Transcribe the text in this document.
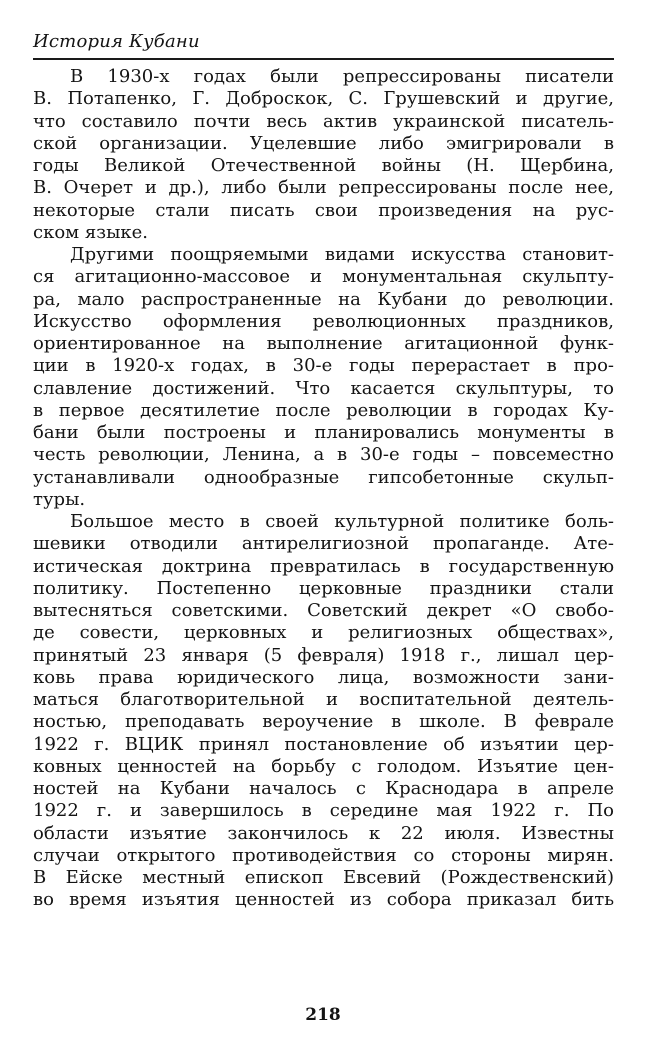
История Кубани

В 1930-х годах были репрессированы писатели
В. Потапенко, Г. Доброскок, С. Грушевский и другие,
что составило почти весь актив украинской писатель-
ской организации. Уцелевшие либо эмигрировали в
годы Великой Отечественной войны (Н. Щербина,
В. Очерет и др.), либо были репрессированы после нее,
некоторые стали писать свои произведения на рус-
ском языке.

Другими поощряемыми видами искусства становит-
ся агитационно-массовое и монументальная скульпту-
ра, мало распространенные на Кубани до революции.
Искусство оформления революционных праздников,
ориентированное на выполнение агитационной функ-
ции в 1920-х годах, в 30-е годы перерастает в про-
славление достижений. Что касается скульптуры, то
в первое десятилетие после революции в городах Ку-
бани были построены и планировались монументы в
честь революции, Ленина, а в 30-е годы – повсеместно
устанавливали однообразные гипсобетонные скульп-
туры.

Большое место в своей культурной политике боль-
шевики отводили антирелигиозной пропаганде. Ате-
истическая доктрина превратилась в государственную
политику. Постепенно церковные праздники стали
вытесняться советскими. Советский декрет «О свобо-
де совести, церковных и религиозных обществах»,
принятый 23 января (5 февраля) 1918 г., лишал цер-
ковь права юридического лица, возможности зани-
маться благотворительной и воспитательной деятель-
ностью, преподавать вероучение в школе. В феврале
1922 г. ВЦИК принял постановление об изъятии цер-
ковных ценностей на борьбу с голодом. Изъятие цен-
ностей на Кубани началось с Краснодара в апреле
1922 г. и завершилось в середине мая 1922 г. По
области изъятие закончилось к 22 июля. Известны
случаи открытого противодействия со стороны мирян.
В Ейске местный епископ Евсевий (Рождественский)
во время изъятия ценностей из собора приказал бить

218
